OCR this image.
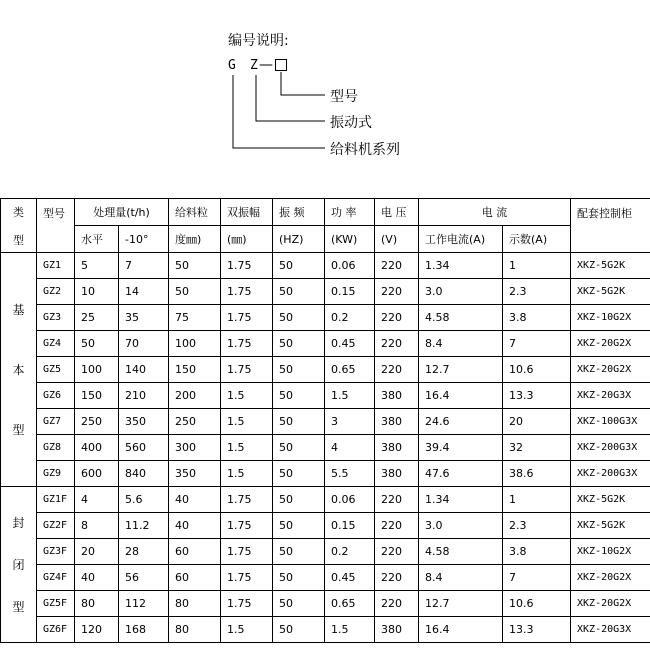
编号说明:
G Z —
型号
振动式
给料机系列
类
型	型号	处理量(t/h)		给料粒	双振幅	振 频	功 率	电 压	电 流		配套控制柜
		水平	-10°	度㎜)	(㎜)	(HZ)	(KW)	(V)	工作电流(A)	示数(A)	

基
本
型	GZ1	5	7	50	1.75	50	0.06	220	1.34	1	XKZ-5G2K
	GZ2	10	14	50	1.75	50	0.15	220	3.0	2.3	XKZ-5G2K
	GZ3	25	35	75	1.75	50	0.2	220	4.58	3.8	XKZ-10G2X
	GZ4	50	70	100	1.75	50	0.45	220	8.4	7	XKZ-20G2X
	GZ5	100	140	150	1.75	50	0.65	220	12.7	10.6	XKZ-20G2X
	GZ6	150	210	200	1.5	50	1.5	380	16.4	13.3	XKZ-20G3X
	GZ7	250	350	250	1.5	50	3	380	24.6	20	XKZ-100G3X
	GZ8	400	560	300	1.5	50	4	380	39.4	32	XKZ-200G3X
	GZ9	600	840	350	1.5	50	5.5	380	47.6	38.6	XKZ-200G3X

封
闭
型	GZ1F	4	5.6	40	1.75	50	0.06	220	1.34	1	XKZ-5G2K
	GZ2F	8	11.2	40	1.75	50	0.15	220	3.0	2.3	XKZ-5G2K
	GZ3F	20	28	60	1.75	50	0.2	220	4.58	3.8	XKZ-10G2X
	GZ4F	40	56	60	1.75	50	0.45	220	8.4	7	XKZ-20G2X
	GZ5F	80	112	80	1.75	50	0.65	220	12.7	10.6	XKZ-20G2X
	GZ6F	120	168	80	1.5	50	1.5	380	16.4	13.3	XKZ-20G3X
